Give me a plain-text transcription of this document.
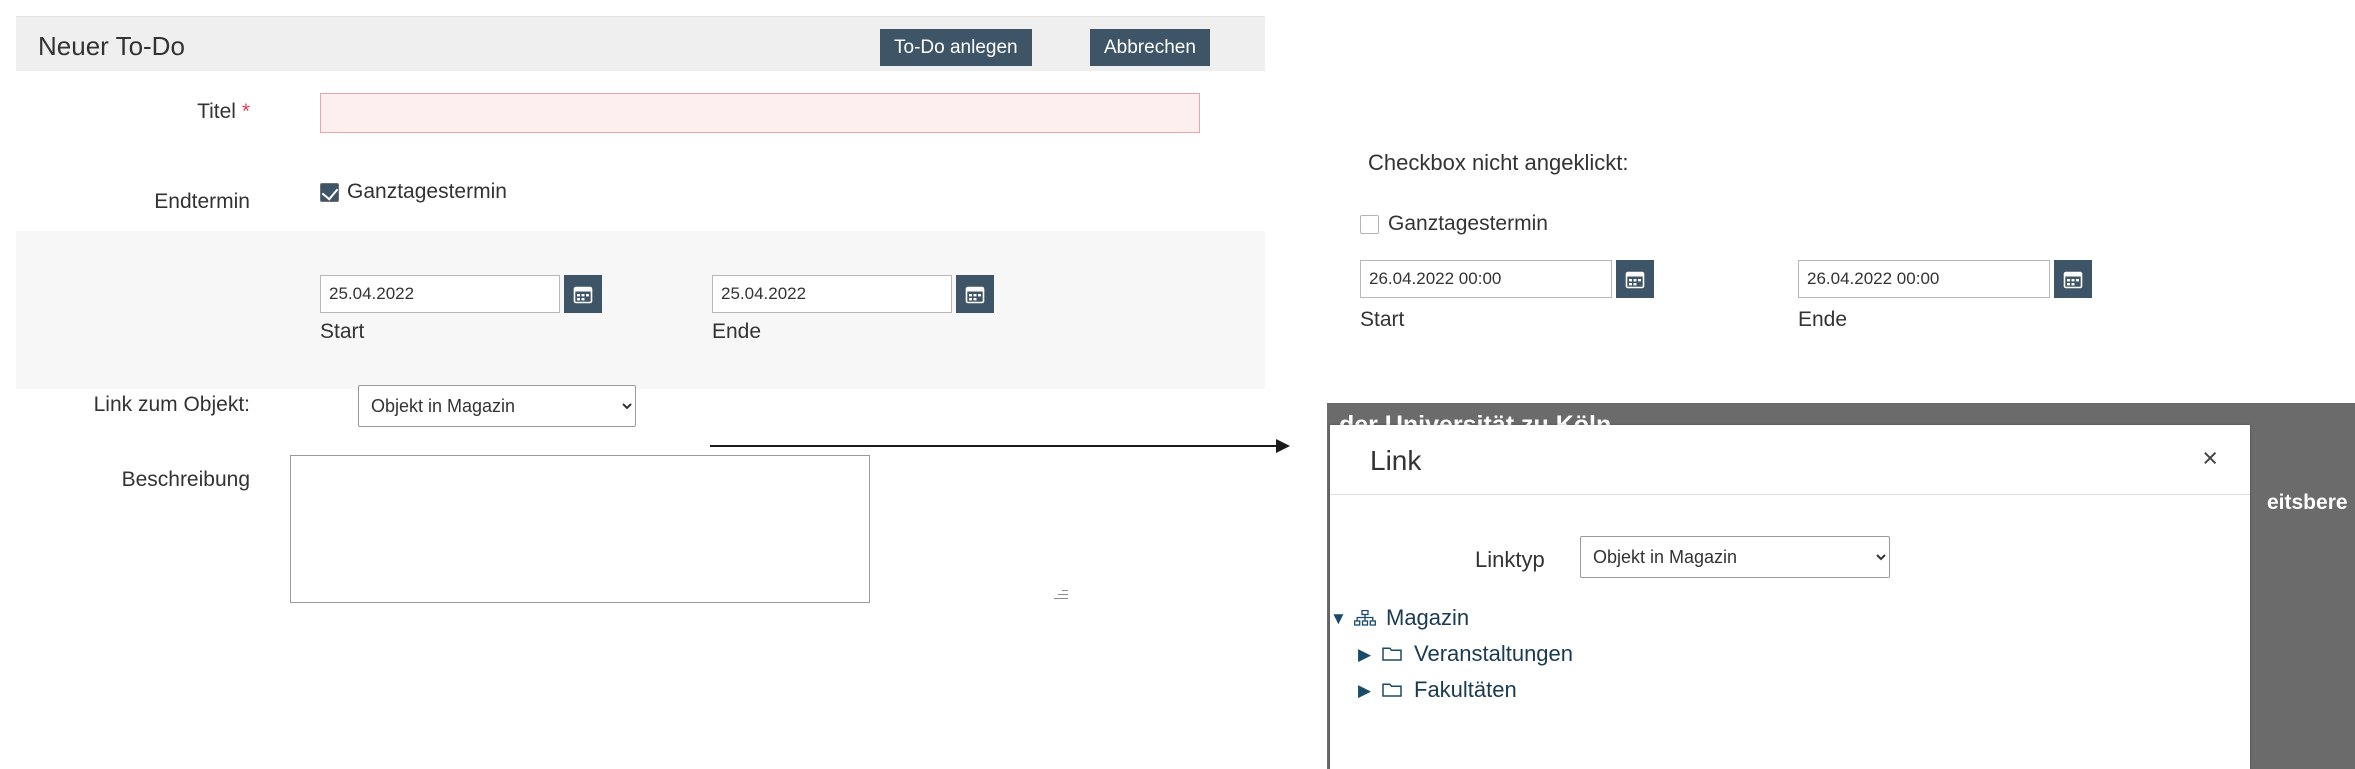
Neuer To-Do	To-Do anlegen	Abbrechen
Titel *
Endtermin	Ganztagestermin
25.04.2022
Start
25.04.2022	Ende
Link zum Objekt:
Objekt in Magazin
Beschreibung
Checkbox nicht angeklickt:
Ganztagestermin
26.04.2022 00:00
Start
26.04.2022 00:00	Ende
eitsbere
Link	×
Linktyp
Objekt in Magazin
▼ Magazin
▶ Veranstaltungen
▶ Fakultäten
